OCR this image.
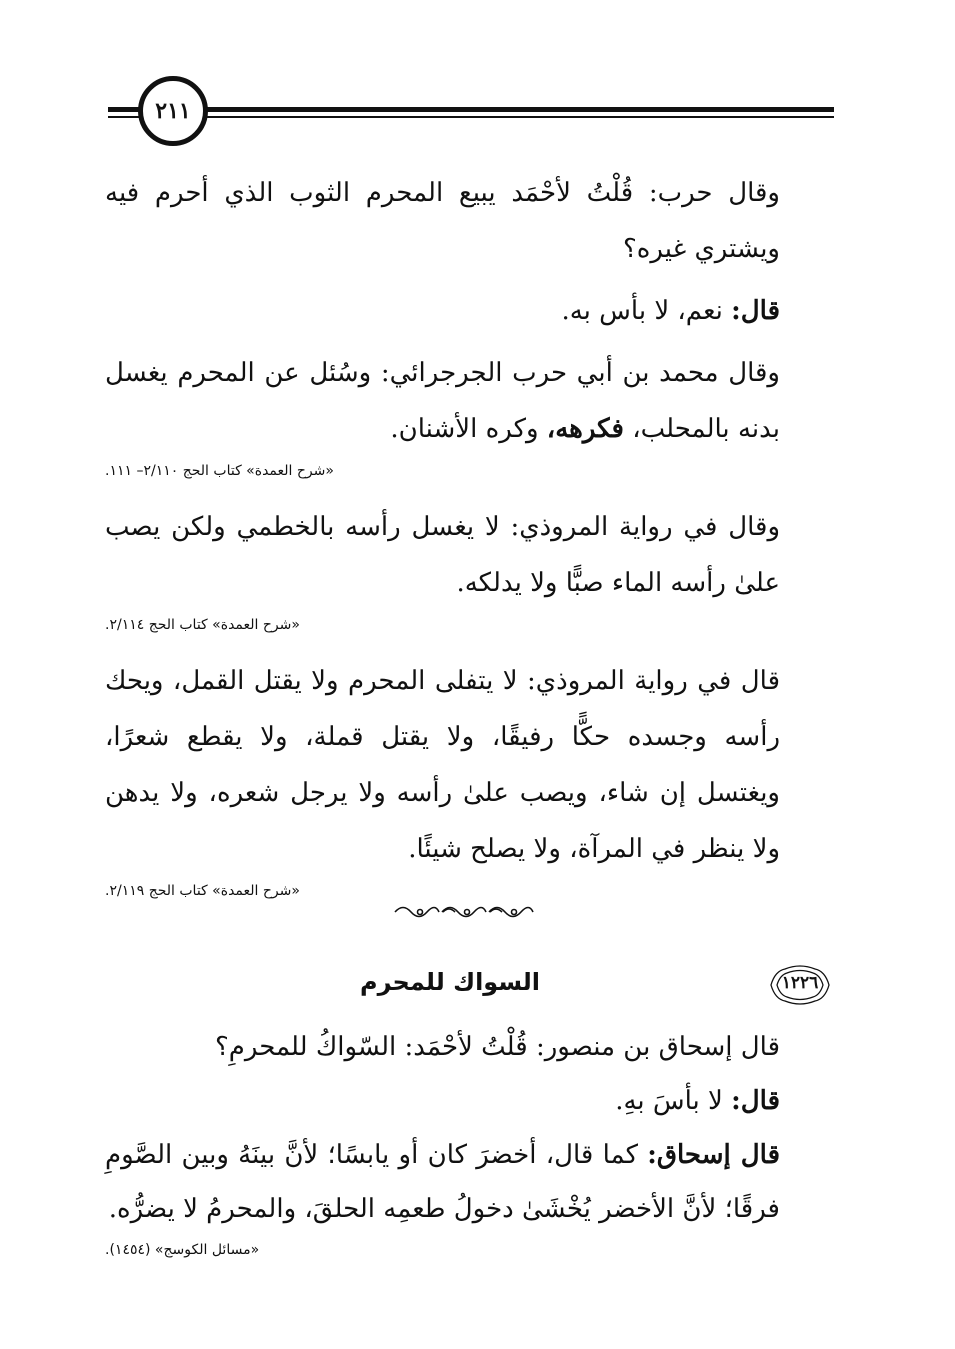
٢١١

وقال حرب: قُلْتُ لأحْمَد يبيع المحرم الثوب الذي أحرم فيه ويشتري غيره؟

قال: نعم، لا بأس به.

وقال محمد بن أبي حرب الجرجرائي: وسُئل عن المحرم يغسل بدنه بالمحلب، فكرهه، وكره الأشنان.

«شرح العمدة» كتاب الحج ٢/١١٠– ١١١.

وقال في رواية المروذي: لا يغسل رأسه بالخطمي ولكن يصب علىٰ رأسه الماء صبًّا ولا يدلكه.

«شرح العمدة» كتاب الحج ٢/١١٤.

قال في رواية المروذي: لا يتفلى المحرم ولا يقتل القمل، ويحك رأسه وجسده حكًّا رفيقًا، ولا يقتل قملة، ولا يقطع شعرًا، ويغتسل إن شاء، ويصب علىٰ رأسه ولا يرجل شعره، ولا يدهن ولا ينظر في المرآة، ولا يصلح شيئًا.

«شرح العمدة» كتاب الحج ٢/١١٩.

السواك للمحرم	١٢٢٦

قال إسحاق بن منصور: قُلْتُ لأحْمَد: السّواكُ للمحرمِ؟

قال: لا بأسَ بهِ.

قال إسحاق: كما قال، أخضرَ كان أو يابسًا؛ لأنَّ بينَهُ وبين الصَّومِ فرقًا؛ لأنَّ الأخضر يُخْشَىٰ دخولُ طعمِه الحلقَ، والمحرمُ لا يضرُّه.

«مسائل الكوسج» (١٤٥٤).
